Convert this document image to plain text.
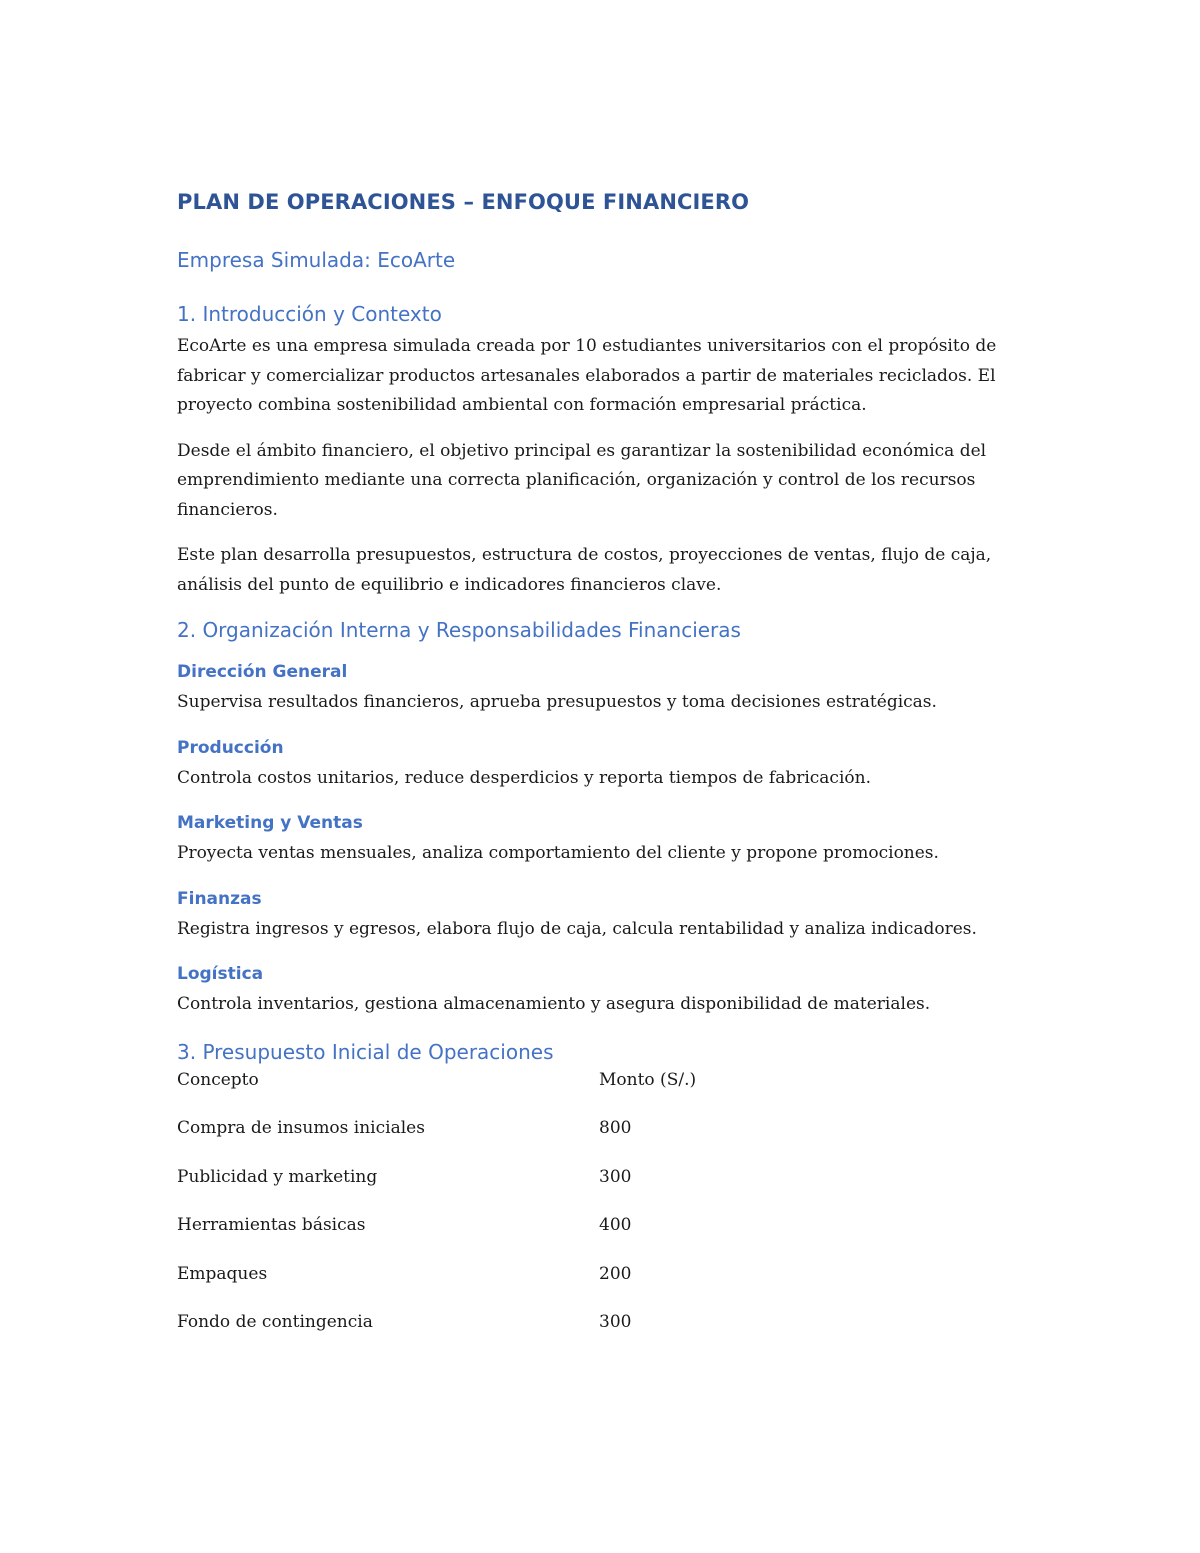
PLAN DE OPERACIONES – ENFOQUE FINANCIERO
Empresa Simulada: EcoArte
1. Introducción y Contexto

EcoArte es una empresa simulada creada por 10 estudiantes universitarios con el propósito de fabricar y comercializar productos artesanales elaborados a partir de materiales reciclados. El proyecto combina sostenibilidad ambiental con formación empresarial práctica.

Desde el ámbito financiero, el objetivo principal es garantizar la sostenibilidad económica del emprendimiento mediante una correcta planificación, organización y control de los recursos financieros.

Este plan desarrolla presupuestos, estructura de costos, proyecciones de ventas, flujo de caja, análisis del punto de equilibrio e indicadores financieros clave.

2. Organización Interna y Responsabilidades Financieras
Dirección General

Supervisa resultados financieros, aprueba presupuestos y toma decisiones estratégicas.

Producción

Controla costos unitarios, reduce desperdicios y reporta tiempos de fabricación.

Marketing y Ventas

Proyecta ventas mensuales, analiza comportamiento del cliente y propone promociones.

Finanzas

Registra ingresos y egresos, elabora flujo de caja, calcula rentabilidad y analiza indicadores.

Logística

Controla inventarios, gestiona almacenamiento y asegura disponibilidad de materiales.

3. Presupuesto Inicial de Operaciones
Concepto	Monto (S/.)
Compra de insumos iniciales	800
Publicidad y marketing	300
Herramientas básicas	400
Empaques	200
Fondo de contingencia	300
